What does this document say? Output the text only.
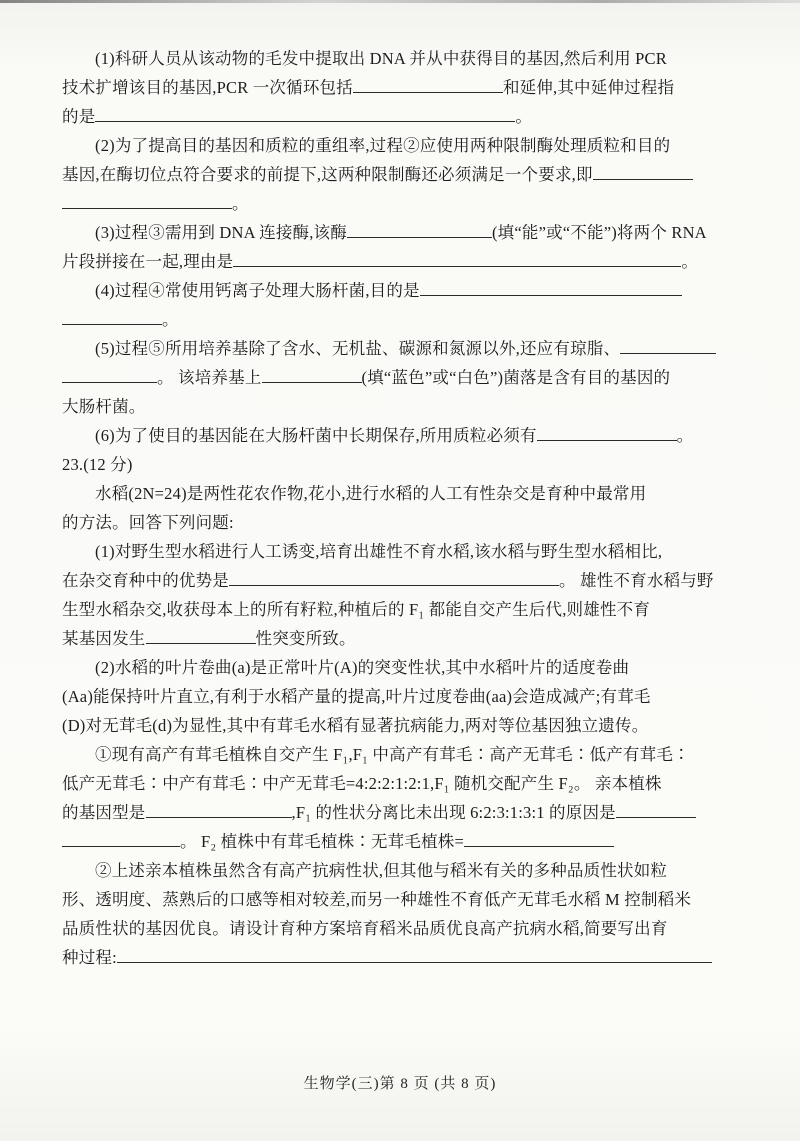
(1)科研人员从该动物的毛发中提取出 DNA 并从中获得目的基因,然后利用 PCR
技术扩增该目的基因,PCR 一次循环包括	和延伸,其中延伸过程指
的是	。
(2)为了提高目的基因和质粒的重组率,过程②应使用两种限制酶处理质粒和目的
基因,在酶切位点符合要求的前提下,这两种限制酶还必须满足一个要求,即
。
(3)过程③需用到 DNA 连接酶,该酶	(填“能”或“不能”)将两个 RNA
片段拼接在一起,理由是	。
(4)过程④常使用钙离子处理大肠杆菌,目的是
。
(5)过程⑤所用培养基除了含水、无机盐、碳源和氮源以外,还应有琼脂、
。 该培养基上	(填“蓝色”或“白色”)菌落是含有目的基因的
大肠杆菌。
(6)为了使目的基因能在大肠杆菌中长期保存,所用质粒必须有	。
23.(12 分)
水稻(2N=24)是两性花农作物,花小,进行水稻的人工有性杂交是育种中最常用
的方法。回答下列问题:
(1)对野生型水稻进行人工诱变,培育出雄性不育水稻,该水稻与野生型水稻相比,
在杂交育种中的优势是	。 雄性不育水稻与野
生型水稻杂交,收获母本上的所有籽粒,种植后的 F₁ 都能自交产生后代,则雄性不育
某基因发生	性突变所致。
(2)水稻的叶片卷曲(a)是正常叶片(A)的突变性状,其中水稻叶片的适度卷曲
(Aa)能保持叶片直立,有利于水稻产量的提高,叶片过度卷曲(aa)会造成减产;有茸毛
(D)对无茸毛(d)为显性,其中有茸毛水稻有显著抗病能力,两对等位基因独立遗传。
①现有高产有茸毛植株自交产生 F₁,F₁ 中高产有茸毛∶高产无茸毛∶低产有茸毛∶
低产无茸毛∶中产有茸毛∶中产无茸毛=4:2:2:1:2:1,F₁ 随机交配产生 F₂。 亲本植株
的基因型是	,F₁ 的性状分离比未出现 6:2:3:1:3:1 的原因是
。 F₂ 植株中有茸毛植株∶无茸毛植株=
②上述亲本植株虽然含有高产抗病性状,但其他与稻米有关的多种品质性状如粒
形、透明度、蒸熟后的口感等相对较差,而另一种雄性不育低产无茸毛水稻 M 控制稻米
品质性状的基因优良。请设计育种方案培育稻米品质优良高产抗病水稻,简要写出育
种过程:
生物学(三)第 8 页 (共 8 页)
